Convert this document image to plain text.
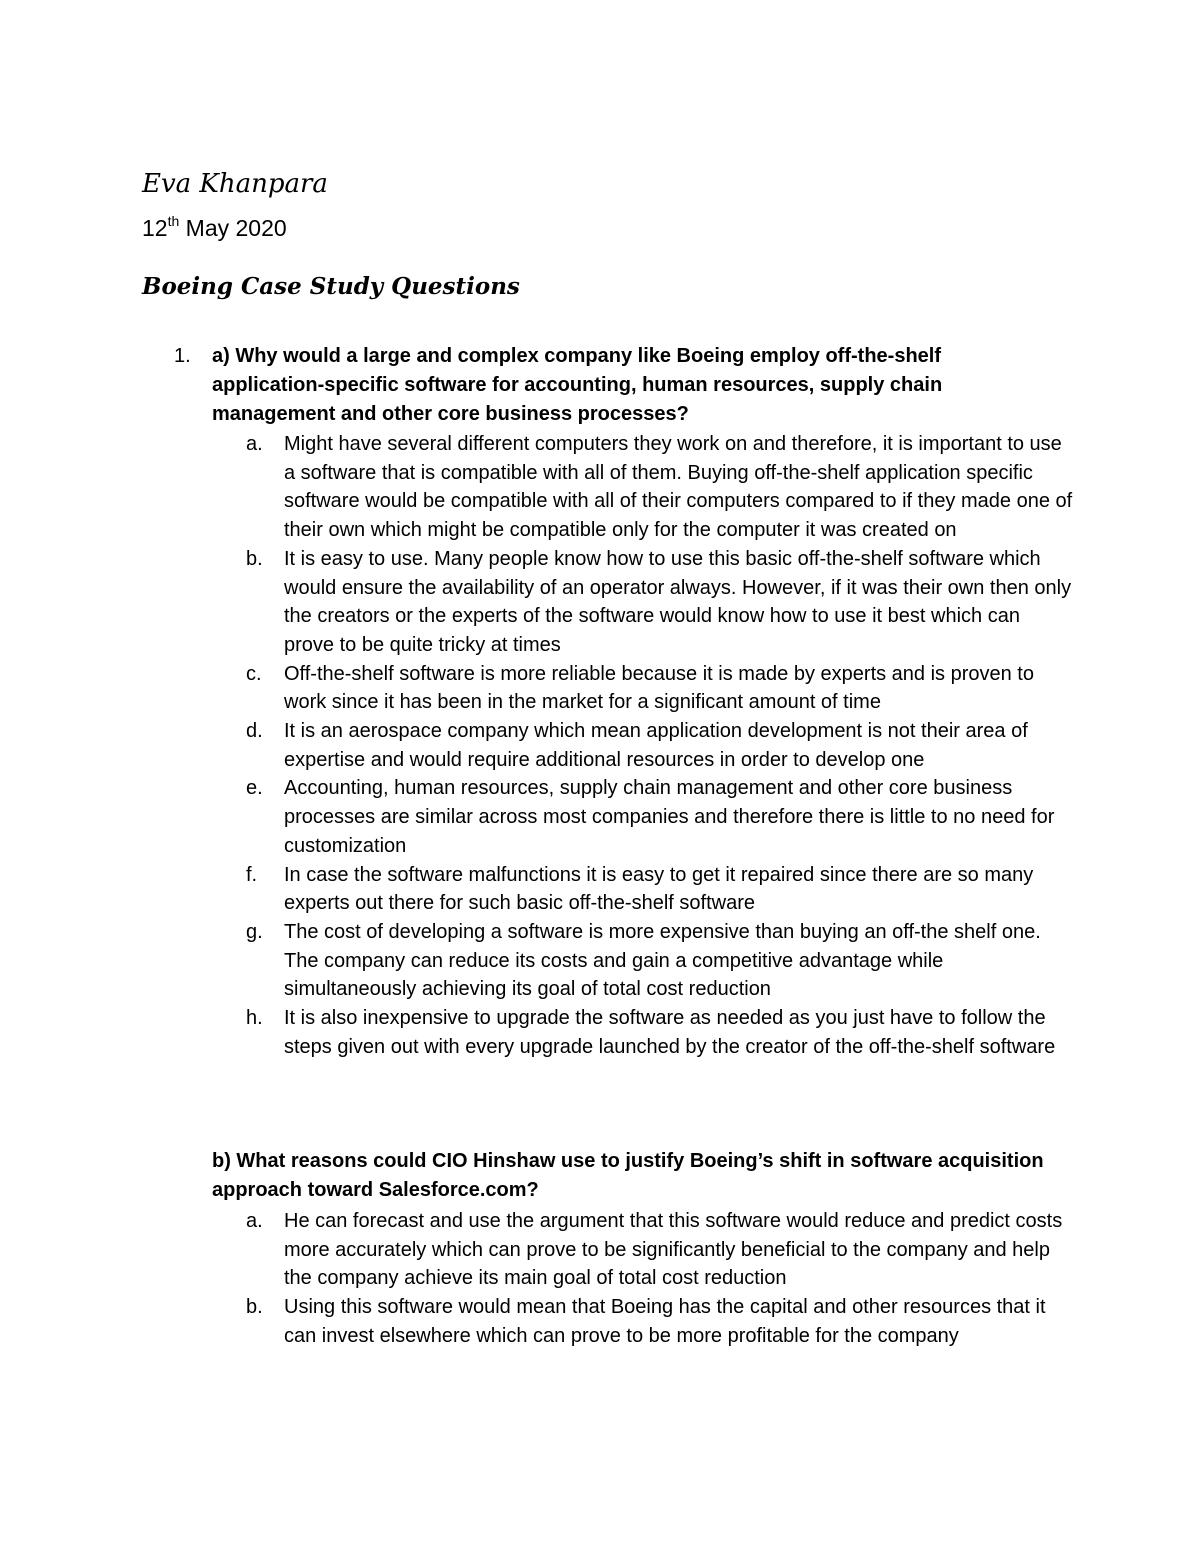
Eva Khanpara
12th May 2020
Boeing Case Study Questions
1. a) Why would a large and complex company like Boeing employ off-the-shelf application-specific software for accounting, human resources, supply chain management and other core business processes?
a. Might have several different computers they work on and therefore, it is important to use a software that is compatible with all of them. Buying off-the-shelf application specific software would be compatible with all of their computers compared to if they made one of their own which might be compatible only for the computer it was created on
b. It is easy to use. Many people know how to use this basic off-the-shelf software which would ensure the availability of an operator always. However, if it was their own then only the creators or the experts of the software would know how to use it best which can prove to be quite tricky at times
c. Off-the-shelf software is more reliable because it is made by experts and is proven to work since it has been in the market for a significant amount of time
d. It is an aerospace company which mean application development is not their area of expertise and would require additional resources in order to develop one
e. Accounting, human resources, supply chain management and other core business processes are similar across most companies and therefore there is little to no need for customization
f. In case the software malfunctions it is easy to get it repaired since there are so many experts out there for such basic off-the-shelf software
g. The cost of developing a software is more expensive than buying an off-the shelf one. The company can reduce its costs and gain a competitive advantage while simultaneously achieving its goal of total cost reduction
h. It is also inexpensive to upgrade the software as needed as you just have to follow the steps given out with every upgrade launched by the creator of the off-the-shelf software
b) What reasons could CIO Hinshaw use to justify Boeing’s shift in software acquisition approach toward Salesforce.com?
a. He can forecast and use the argument that this software would reduce and predict costs more accurately which can prove to be significantly beneficial to the company and help the company achieve its main goal of total cost reduction
b. Using this software would mean that Boeing has the capital and other resources that it can invest elsewhere which can prove to be more profitable for the company
